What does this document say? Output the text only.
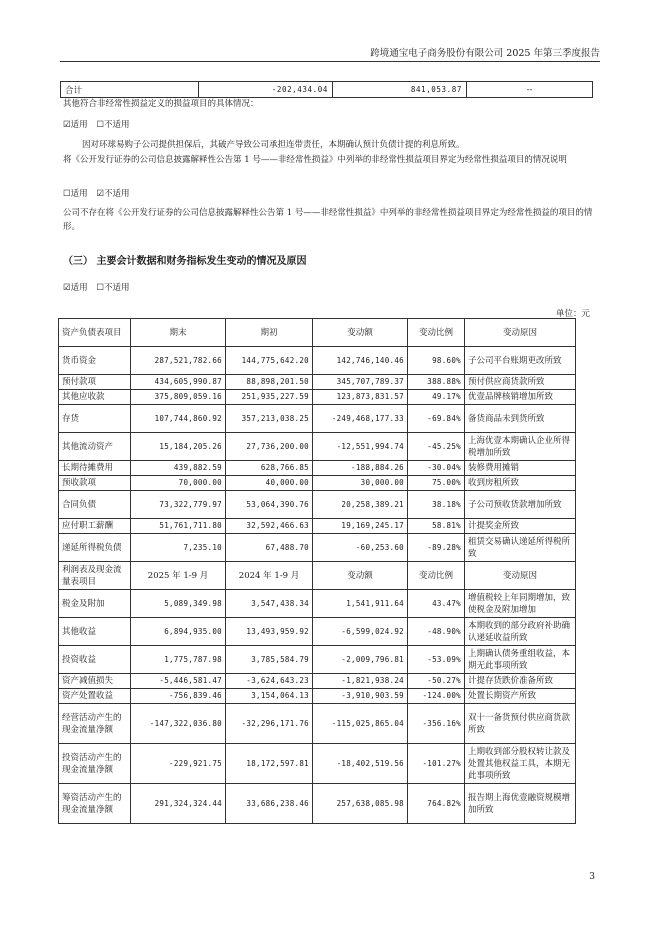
跨境通宝电子商务股份有限公司 2025 年第三季度报告
合计	-202,434.04	841,053.87	--
其他符合非经常性损益定义的损益项目的具体情况：
☑适用 ☐不适用
因对环球易购子公司提供担保后，其破产导致公司承担连带责任，本期确认预计负债计提的利息所致。
将《公开发行证券的公司信息披露解释性公告第 1 号——非经常性损益》中列举的非经常性损益项目界定为经常性损益项目的情况说明
☐适用 ☑不适用
公司不存在将《公开发行证券的公司信息披露解释性公告第 1 号——非经常性损益》中列举的非经常性损益项目界定为经常性损益的项目的情形。
（三） 主要会计数据和财务指标发生变动的情况及原因
☑适用 ☐不适用
单位：元
资产负债表项目	期末	期初	变动额	变动比例	变动原因
货币资金	287,521,782.66	144,775,642.20	142,746,140.46	98.60%	子公司平台账期更改所致
预付款项	434,605,990.87	88,898,201.50	345,707,789.37	388.88%	预付供应商货款所致
其他应收款	375,809,059.16	251,935,227.59	123,873,831.57	49.17%	优壹品牌核销增加所致
存货	107,744,860.92	357,213,038.25	-249,468,177.33	-69.84%	备货商品未到货所致
其他流动资产	15,184,205.26	27,736,200.00	-12,551,994.74	-45.25%	上海优壹本期确认企业所得税增加所致
长期待摊费用	439,882.59	628,766.85	-188,884.26	-30.04%	装修费用摊销
预收款项	70,000.00	40,000.00	30,000.00	75.00%	收到房租所致
合同负债	73,322,779.97	53,064,390.76	20,258,389.21	38.18%	子公司预收货款增加所致
应付职工薪酬	51,761,711.80	32,592,466.63	19,169,245.17	58.81%	计提奖金所致
递延所得税负债	7,235.10	67,488.70	-60,253.60	-89.28%	租赁交易确认递延所得税所致
利润表及现金流量表项目	2025 年 1-9 月	2024 年 1-9 月	变动额	变动比例	变动原因
税金及附加	5,089,349.98	3,547,438.34	1,541,911.64	43.47%	增值税较上年同期增加，致使税金及附加增加
其他收益	6,894,935.00	13,493,959.92	-6,599,024.92	-48.90%	本期收到的部分政府补助确认递延收益所致
投资收益	1,775,787.98	3,785,584.79	-2,009,796.81	-53.09%	上期确认债务重组收益，本期无此事项所致
资产减值损失	-5,446,581.47	-3,624,643.23	-1,821,938.24	-50.27%	计提存货跌价准备所致
资产处置收益	-756,839.46	3,154,064.13	-3,910,903.59	-124.00%	处置长期资产所致
经营活动产生的现金流量净额	-147,322,036.80	-32,296,171.76	-115,025,865.04	-356.16%	双十一备货预付供应商货款所致
投资活动产生的现金流量净额	-229,921.75	18,172,597.81	-18,402,519.56	-101.27%	上期收到部分股权转让款及处置其他权益工具，本期无此事项所致
筹资活动产生的现金流量净额	291,324,324.44	33,686,238.46	257,638,085.98	764.82%	报告期上海优壹融资规模增加所致
3
